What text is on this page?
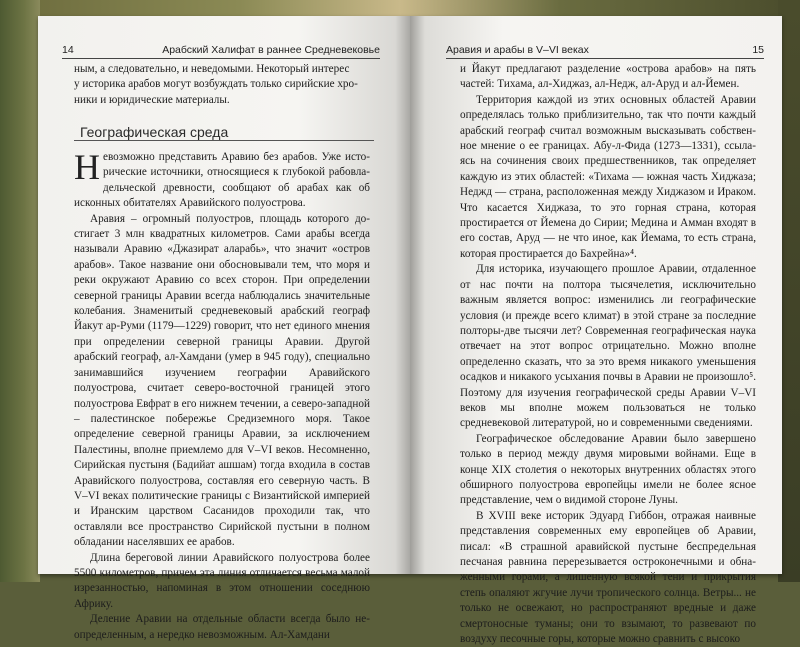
14	Арабский Халифат в раннее Средневековье

ным, а следовательно, и неведомыми. Некоторый интерес

у историка арабов могут возбуждать только сирийские хро-

ники и юридические материалы.

Географическая среда

Невозможно представить Аравию без арабов. Уже исторические источники, относящиеся к глубокой рабовладельческой древности, сообщают об арабах как об исконных обитателях Аравийского полуострова.

Аравия – огромный полуостров, площадь которого достигает 3 млн квадратных километров. Сами арабы всегда называли Аравию «Джазират аларабь», что значит «остров арабов». Такое название они обосновывали тем, что моря и реки окружают Аравию со всех сторон. При определении северной границы Аравии всегда наблюдались значительные колебания. Знаменитый средневековый арабский географ Йакут ар-Руми (1179—1229) говорит, что нет единого мнения при определении северной границы Аравии. Другой арабский географ, ал-Хамдани (умер в 945 году), специально занимавшийся изучением географии Аравийского полуострова, считает северо-восточной границей этого полуострова Евфрат в его нижнем течении, а северо-западной – палестинское побережье Средиземного моря. Такое определение северной границы Аравии, за исключением Палестины, вполне приемлемо для V–VI веков. Несомненно, Сирийская пустыня (Бадийат ашшам) тогда входила в состав Аравийского полуострова, составляя его северную часть. В V–VI веках политические границы с Византийской империей и Иранским царством Сасанидов проходили так, что оставляли все пространство Сирийской пустыни в полном обладании населявших ее арабов.

Длина береговой линии Аравийского полуострова более 5500 километров, причем эта линия отличается весьма малой изрезанностью, напоминая в этом отношении соседнюю Африку.

Деление Аравии на отдельные области всегда было неопределенным, а нередко невозможным. Ал-Хамдани

Аравия и арабы в V–VI веках	15

и Йакут предлагают разделение «острова арабов» на пять частей: Тихама, ал-Хиджаз, ал-Недж, ал-Аруд и ал-Йемен.

Территория каждой из этих основных областей Аравии определялась только приблизительно, так что почти каждый арабский географ считал возможным высказывать собственное мнение о ее границах. Абу-л-Фида (1273—1331), ссылаясь на сочинения своих предшественников, так определяет каждую из этих областей: «Тихама — южная часть Хиджаза; Неджд — страна, расположенная между Хиджазом и Ираком. Что касается Хиджаза, то это горная страна, которая простирается от Йемена до Сирии; Медина и Амман входят в его состав, Аруд — не что иное, как Йемама, то есть страна, которая простирается до Бахрейна»⁴.

Для историка, изучающего прошлое Аравии, отдаленное от нас почти на полтора тысячелетия, исключительно важным является вопрос: изменились ли географические условия (и прежде всего климат) в этой стране за последние полторы-две тысячи лет? Современная географическая наука отвечает на этот вопрос отрицательно. Можно вполне определенно сказать, что за это время никакого уменьшения осадков и никакого усыхания почвы в Аравии не произошло⁵. Поэтому для изучения географической среды Аравии V–VI веков мы вполне можем пользоваться не только средневековой литературой, но и современными сведениями.

Географическое обследование Аравии было завершено только в период между двумя мировыми войнами. Еще в конце XIX столетия о некоторых внутренних областях этого обширного полуострова европейцы имели не более ясное представление, чем о видимой стороне Луны.

В XVIII веке историк Эдуард Гиббон, отражая наивные представления современных ему европейцев об Аравии, писал: «В страшной аравийской пустыне беспредельная песчаная равнина перерезывается остроконечными и обнаженными горами, а лишенную всякой тени и прикрытия степь опаляют жгучие лучи тропического солнца. Ветры... не только не освежают, но распространяют вредные и даже смертоносные туманы; они то взымают, то развевают по воздуху песочные горы, которые можно сравнить с высоко
